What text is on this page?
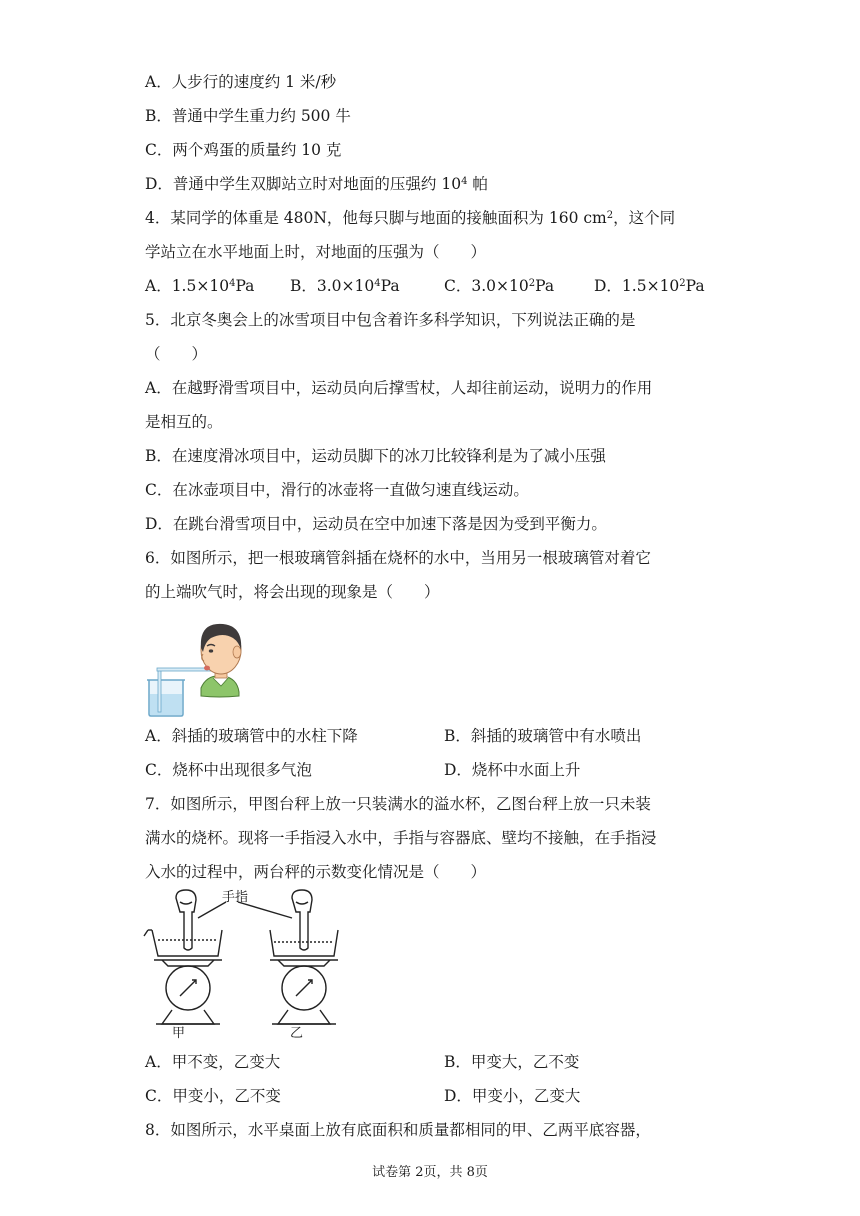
A．人步行的速度约 1 米/秒
B．普通中学生重力约 500 牛
C．两个鸡蛋的质量约 10 克
D．普通中学生双脚站立时对地面的压强约 $10^4$ 帕
4．某同学的体重是 480N，他每只脚与地面的接触面积为 160 $cm^2$，这个同
学站立在水平地面上时，对地面的压强为（　　）
A．$1.5\times 10^4Pa$ B．$3.0\times 10^4Pa$	C．$3.0\times 10^2Pa$	D．$1.5\times 10^2Pa$
5．北京冬奥会上的冰雪项目中包含着许多科学知识，下列说法正确的是
（　　）
A．在越野滑雪项目中，运动员向后撑雪杖，人却往前运动，说明力的作用
是相互的。
B．在速度滑冰项目中，运动员脚下的冰刀比较锋利是为了减小压强
C．在冰壶项目中，滑行的冰壶将一直做匀速直线运动。
D．在跳台滑雪项目中，运动员在空中加速下落是因为受到平衡力。
6．如图所示，把一根玻璃管斜插在烧杯的水中，当用另一根玻璃管对着它
的上端吹气时，将会出现的现象是（　　）
A．斜插的玻璃管中的水柱下降	B．斜插的玻璃管中有水喷出
C．烧杯中出现很多气泡	D．烧杯中水面上升
7．如图所示，甲图台秤上放一只装满水的溢水杯，乙图台秤上放一只未装
满水的烧杯。现将一手指浸入水中，手指与容器底、壁均不接触，在手指浸
入水的过程中，两台秤的示数变化情况是（　　）
手指
甲	乙
A．甲不变，乙变大	B．甲变大，乙不变
C．甲变小，乙不变	D．甲变小，乙变大
8．如图所示，水平桌面上放有底面积和质量都相同的甲、乙两平底容器，
试卷第 2页，共 8页
